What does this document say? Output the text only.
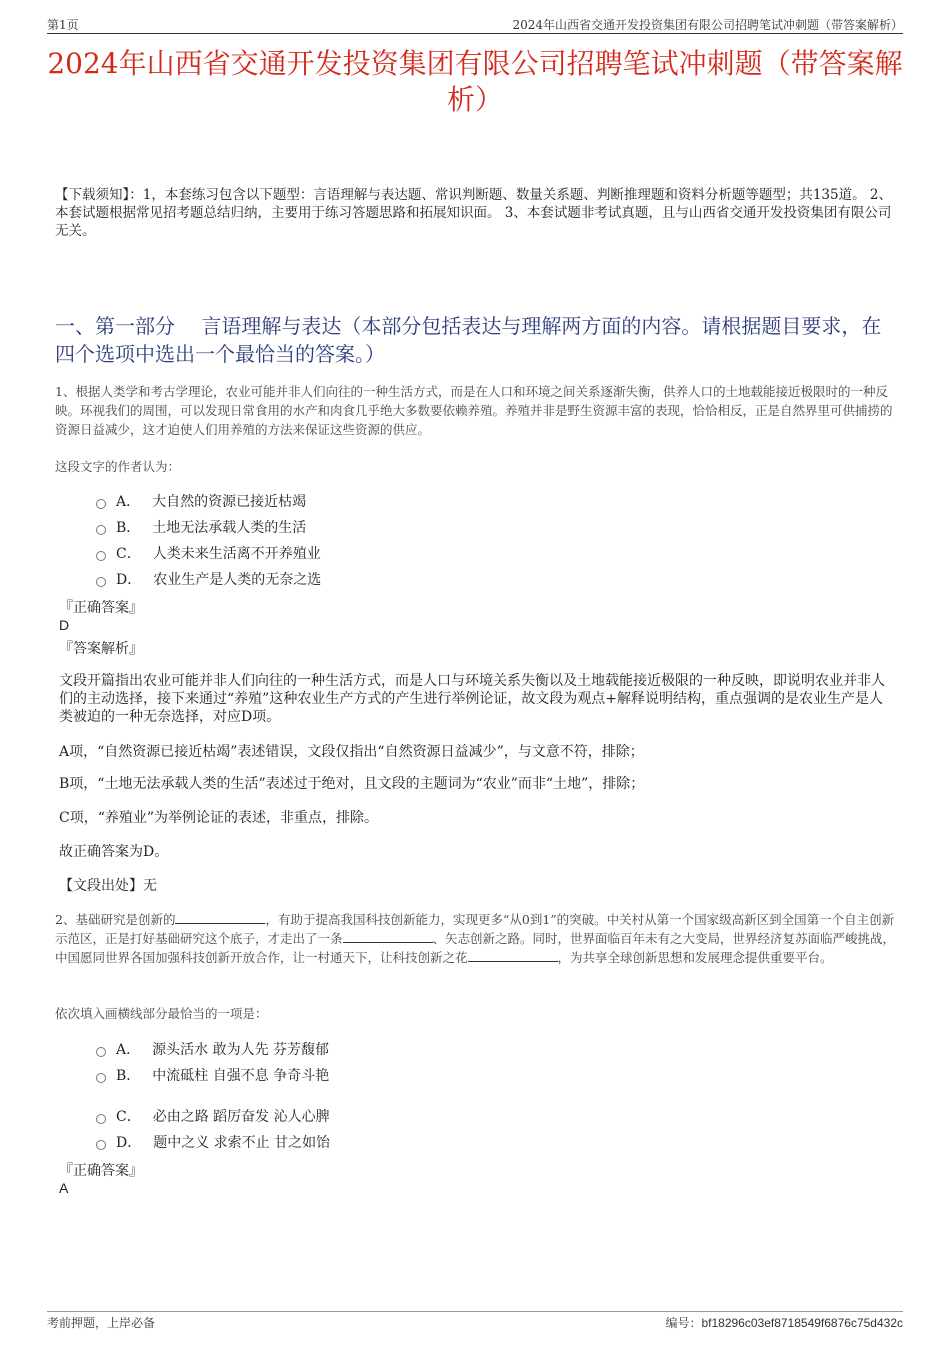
第1页	2024年山西省交通开发投资集团有限公司招聘笔试冲刺题（带答案解析）
2024年山西省交通开发投资集团有限公司招聘笔试冲刺题（带答案解析）
【下载须知】：1，本套练习包含以下题型：言语理解与表达题、常识判断题、数量关系题、判断推理题和资料分析题等题型；共135道。 2、本套试题根据常见招考题总结归纳，主要用于练习答题思路和拓展知识面。 3、本套试题非考试真题，且与山西省交通开发投资集团有限公司无关。
一、第一部分　 言语理解与表达（本部分包括表达与理解两方面的内容。请根据题目要求，在四个选项中选出一个最恰当的答案。）
1、根据人类学和考古学理论，农业可能并非人们向往的一种生活方式，而是在人口和环境之间关系逐渐失衡，供养人口的土地载能接近极限时的一种反映。环视我们的周围，可以发现日常食用的水产和肉食几乎绝大多数要依赖养殖。养殖并非是野生资源丰富的表现，恰恰相反，正是自然界里可供捕捞的资源日益减少，这才迫使人们用养殖的方法来保证这些资源的供应。
这段文字的作者认为：
A． 大自然的资源已接近枯竭
B． 土地无法承载人类的生活
C． 人类未来生活离不开养殖业
D． 农业生产是人类的无奈之选
『正确答案』
D
『答案解析』
文段开篇指出农业可能并非人们向往的一种生活方式，而是人口与环境关系失衡以及土地载能接近极限的一种反映，即说明农业并非人们的主动选择，接下来通过“养殖”这种农业生产方式的产生进行举例论证，故文段为观点+解释说明结构，重点强调的是农业生产是人类被迫的一种无奈选择，对应D项。
A项，“自然资源已接近枯竭”表述错误，文段仅指出“自然资源日益减少”，与文意不符，排除；
B项，“土地无法承载人类的生活”表述过于绝对，且文段的主题词为“农业”而非“土地”，排除；
C项，“养殖业”为举例论证的表述，非重点，排除。
故正确答案为D。
【文段出处】无
2、基础研究是创新的	，有助于提高我国科技创新能力，实现更多“从0到1”的突破。中关村从第一个国家级高新区到全国第一个自主创新示范区，正是打好基础研究这个底子，才走出了一条	、矢志创新之路。同时，世界面临百年未有之大变局，世界经济复苏面临严峻挑战，中国愿同世界各国加强科技创新开放合作，让一村通天下，让科技创新之花	，为共享全球创新思想和发展理念提供重要平台。
依次填入画横线部分最恰当的一项是：
A． 源头活水 敢为人先 芬芳馥郁
B． 中流砥柱 自强不息 争奇斗艳
C． 必由之路 蹈厉奋发 沁人心脾
D． 题中之义 求索不止 甘之如饴
『正确答案』
A
考前押题，上岸必备	编号：bf18296c03ef8718549f6876c75d432c
